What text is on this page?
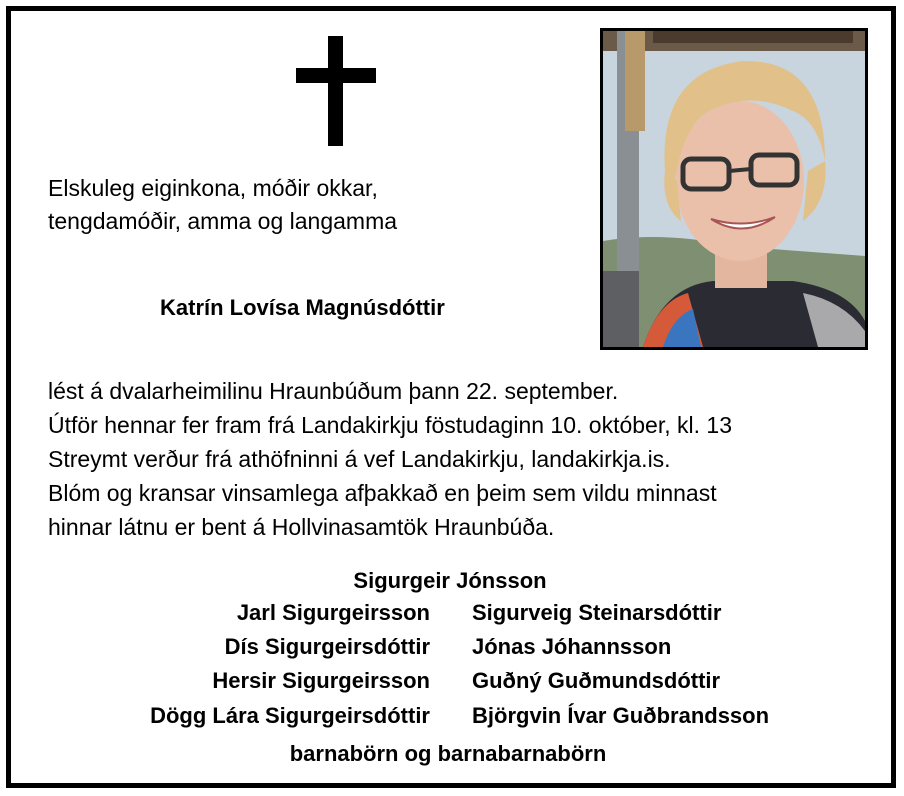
Elskuleg eiginkona, móðir okkar,
tengdamóðir, amma og langamma
Katrín Lovísa Magnúsdóttir
lést á dvalarheimilinu Hraunbúðum þann 22. september.
Útför hennar fer fram frá Landakirkju föstudaginn 10. október, kl. 13
Streymt verður frá athöfninni á vef Landakirkju, landakirkja.is.
Blóm og kransar vinsamlega afþakkað en þeim sem vildu minnast
hinnar látnu er bent á Hollvinasamtök Hraunbúða.
Sigurgeir Jónsson
Jarl Sigurgeirsson Sigurveig Steinarsdóttir
Dís Sigurgeirsdóttir Jónas Jóhannsson
Hersir Sigurgeirsson Guðný Guðmundsdóttir
Dögg Lára Sigurgeirsdóttir Björgvin Ívar Guðbrandsson
barnabörn og barnabarnabörn
